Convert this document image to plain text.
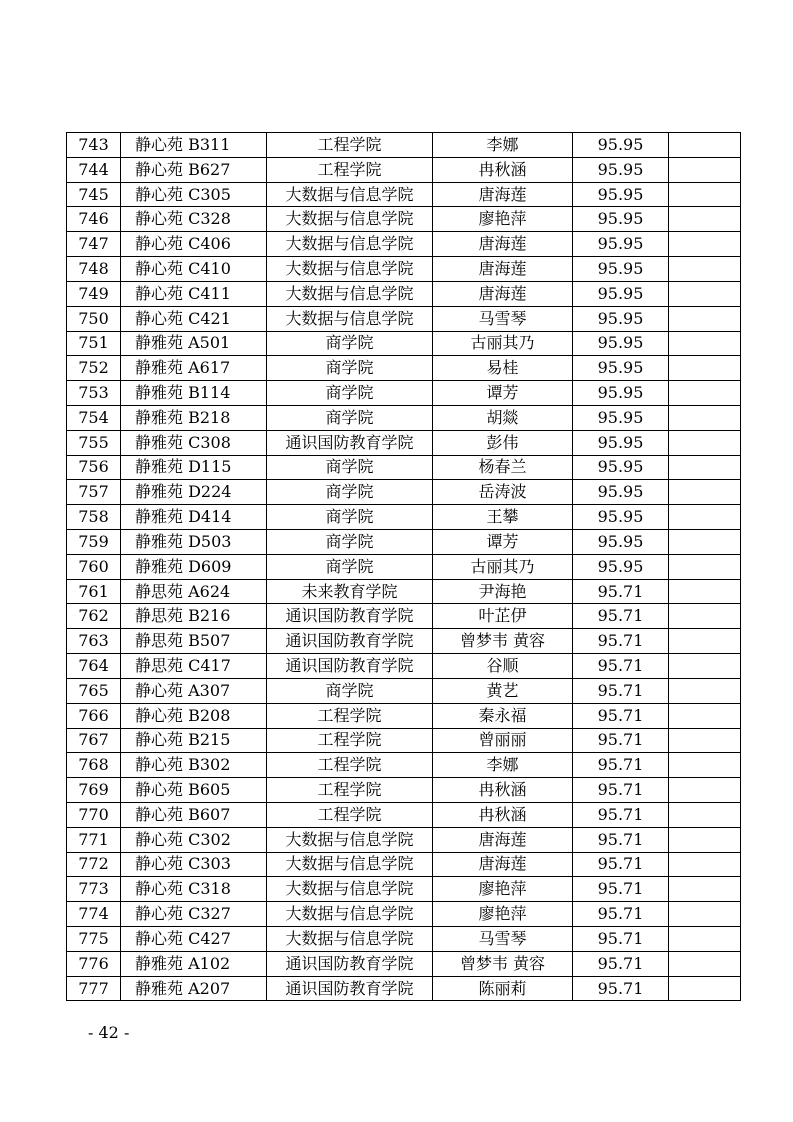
743	静心苑 B311	工程学院	李娜	95.95	
744	静心苑 B627	工程学院	冉秋涵	95.95	
745	静心苑 C305	大数据与信息学院	唐海莲	95.95	
746	静心苑 C328	大数据与信息学院	廖艳萍	95.95	
747	静心苑 C406	大数据与信息学院	唐海莲	95.95	
748	静心苑 C410	大数据与信息学院	唐海莲	95.95	
749	静心苑 C411	大数据与信息学院	唐海莲	95.95	
750	静心苑 C421	大数据与信息学院	马雪琴	95.95	
751	静雅苑 A501	商学院	古丽其乃	95.95	
752	静雅苑 A617	商学院	易桂	95.95	
753	静雅苑 B114	商学院	谭芳	95.95	
754	静雅苑 B218	商学院	胡燚	95.95	
755	静雅苑 C308	通识国防教育学院	彭伟	95.95	
756	静雅苑 D115	商学院	杨春兰	95.95	
757	静雅苑 D224	商学院	岳涛波	95.95	
758	静雅苑 D414	商学院	王攀	95.95	
759	静雅苑 D503	商学院	谭芳	95.95	
760	静雅苑 D609	商学院	古丽其乃	95.95	
761	静思苑 A624	未来教育学院	尹海艳	95.71	
762	静思苑 B216	通识国防教育学院	叶芷伊	95.71	
763	静思苑 B507	通识国防教育学院	曾梦韦 黄容	95.71	
764	静思苑 C417	通识国防教育学院	谷顺	95.71	
765	静心苑 A307	商学院	黄艺	95.71	
766	静心苑 B208	工程学院	秦永福	95.71	
767	静心苑 B215	工程学院	曾丽丽	95.71	
768	静心苑 B302	工程学院	李娜	95.71	
769	静心苑 B605	工程学院	冉秋涵	95.71	
770	静心苑 B607	工程学院	冉秋涵	95.71	
771	静心苑 C302	大数据与信息学院	唐海莲	95.71	
772	静心苑 C303	大数据与信息学院	唐海莲	95.71	
773	静心苑 C318	大数据与信息学院	廖艳萍	95.71	
774	静心苑 C327	大数据与信息学院	廖艳萍	95.71	
775	静心苑 C427	大数据与信息学院	马雪琴	95.71	
776	静雅苑 A102	通识国防教育学院	曾梦韦 黄容	95.71	
777	静雅苑 A207	通识国防教育学院	陈丽莉	95.71	
- 42 -
